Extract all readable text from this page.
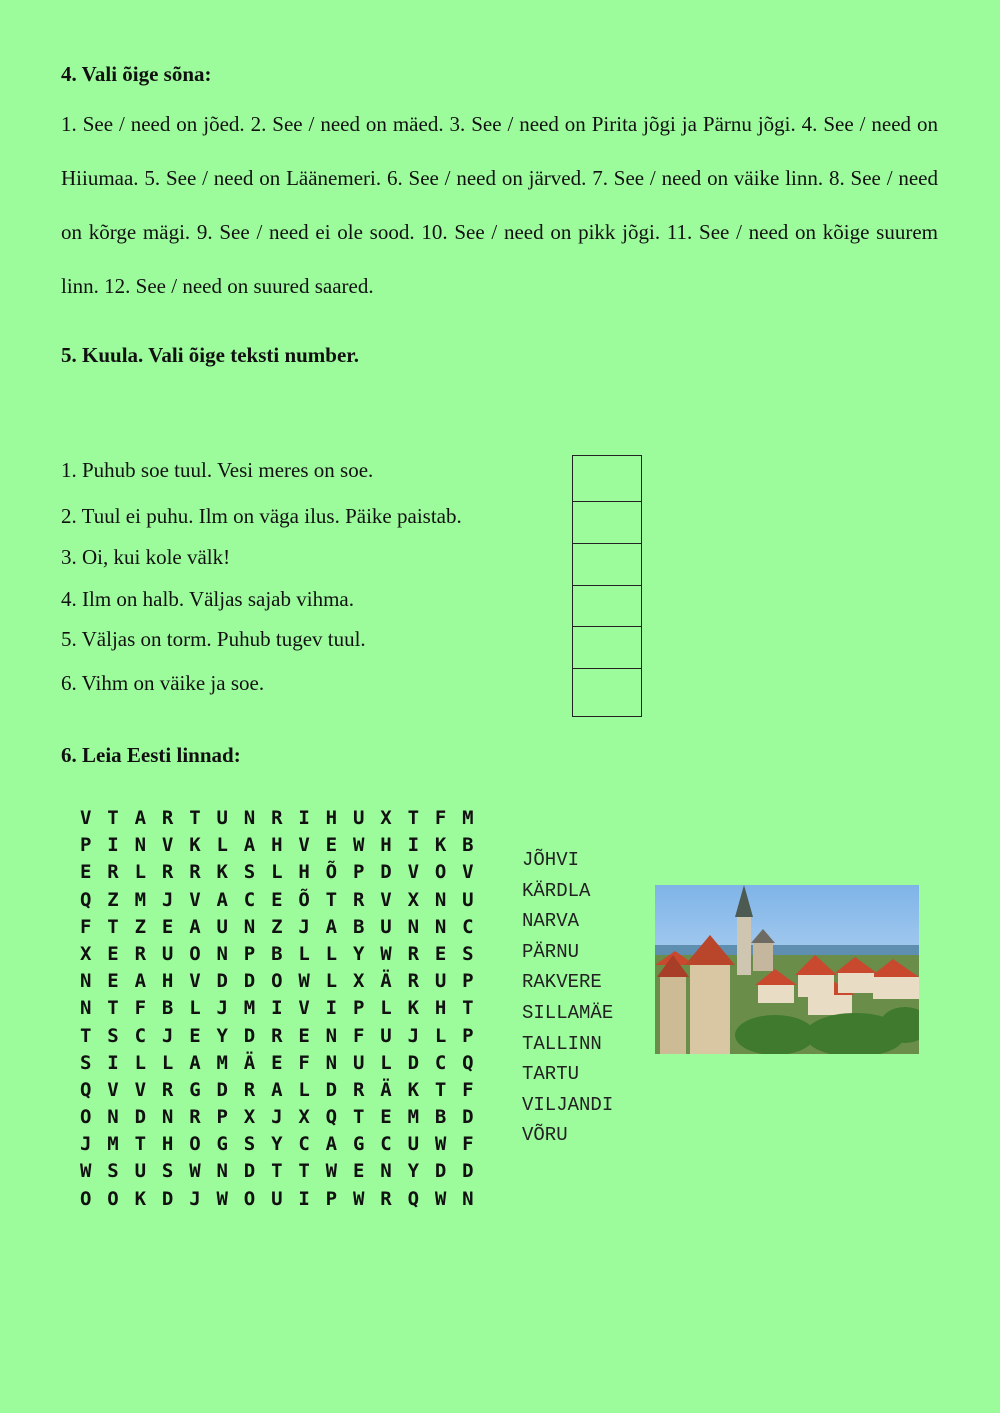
4. Vali õige sõna:
1. See / need on jõed. 2. See / need on mäed. 3. See / need on Pirita jõgi ja Pärnu jõgi. 4. See / need on Hiiumaa. 5. See / need on Läänemeri. 6. See / need on järved. 7. See / need on väike linn. 8. See / need on kõrge mägi. 9. See / need ei ole sood. 10. See / need on pikk jõgi. 11. See / need on kõige suurem linn. 12. See / need on suured saared.
5. Kuula. Vali õige teksti number.
1. Puhub soe tuul. Vesi meres on soe.
2. Tuul ei puhu. Ilm on väga ilus. Päike paistab.
3. Oi, kui kole välk!
4. Ilm on halb. Väljas sajab vihma.
5. Väljas on torm. Puhub tugev tuul.
6. Vihm on väike ja soe.
6. Leia Eesti linnad:
V T A R T U N R I H U X T F M
P I N V K L A H V E W H I K B
E R L R R K S L H Õ P D V O V
Q Z M J V A C E Õ T R V X N U
F T Z E A U N Z J A B U N N C
X E R U O N P B L L Y W R E S
N E A H V D D O W L X Ä R U P
N T F B L J M I V I P L K H T
T S C J E Y D R E N F U J L P
S I L L A M Ä E F N U L D C Q
Q V V R G D R A L D R Ä K T F
O N D N R P X J X Q T E M B D
J M T H O G S Y C A G C U W F
W S U S W N D T T W E N Y D D
O O K D J W O U I P W R Q W N
JÕHVI
KÄRDLA
NARVA
PÄRNU
RAKVERE
SILLAMÄE
TALLINN
TARTU
VILJANDI
VÕRU
